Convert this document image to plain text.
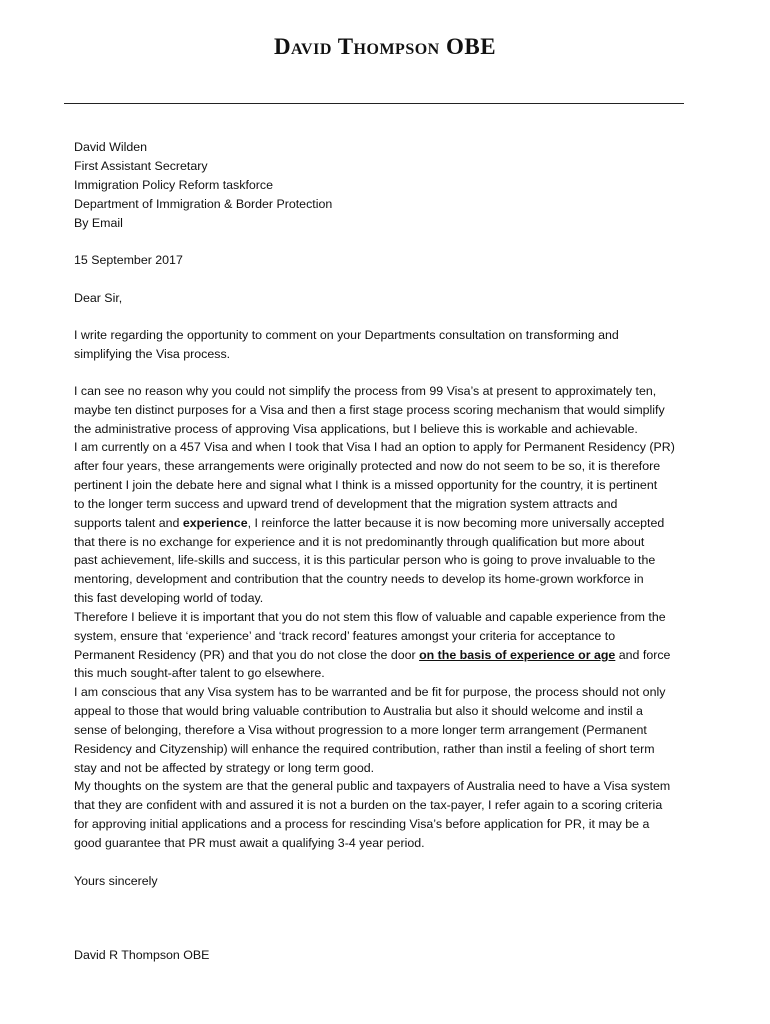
David Thompson OBE
David Wilden
First Assistant Secretary
Immigration Policy Reform taskforce
Department of Immigration & Border Protection
By Email
15 September 2017
Dear Sir,
I write regarding the opportunity to comment on your Departments consultation on transforming and
simplifying the Visa process.
I can see no reason why you could not simplify the process from 99 Visa’s at present to approximately ten,
maybe ten distinct purposes for a Visa and then a first stage process scoring mechanism that would simplify
the administrative process of approving Visa applications, but I believe this is workable and achievable.
I am currently on a 457 Visa and when I took that Visa I had an option to apply for Permanent Residency (PR)
after four years, these arrangements were originally protected and now do not seem to be so, it is therefore
pertinent I join the debate here and signal what I think is a missed opportunity for the country, it is pertinent
to the longer term success and upward trend of development that the migration system attracts and
supports talent and experience, I reinforce the latter because it is now becoming more universally accepted
that there is no exchange for experience and it is not predominantly through qualification but more about
past achievement, life-skills and success, it is this particular person who is going to prove invaluable to the
mentoring, development and contribution that the country needs to develop its home-grown workforce in
this fast developing world of today.
Therefore I believe it is important that you do not stem this flow of valuable and capable experience from the
system, ensure that ‘experience’ and ‘track record’ features amongst your criteria for acceptance to
Permanent Residency (PR) and that you do not close the door on the basis of experience or age and force
this much sought-after talent to go elsewhere.
I am conscious that any Visa system has to be warranted and be fit for purpose, the process should not only
appeal to those that would bring valuable contribution to Australia but also it should welcome and instil a
sense of belonging, therefore a Visa without progression to a more longer term arrangement (Permanent
Residency and Cityzenship) will enhance the required contribution, rather than instil a feeling of short term
stay and not be affected by strategy or long term good.
My thoughts on the system are that the general public and taxpayers of Australia need to have a Visa system
that they are confident with and assured it is not a burden on the tax-payer, I refer again to a scoring criteria
for approving initial applications and a process for rescinding Visa’s before application for PR, it may be a
good guarantee that PR must await a qualifying 3-4 year period.
Yours sincerely
David R Thompson OBE
